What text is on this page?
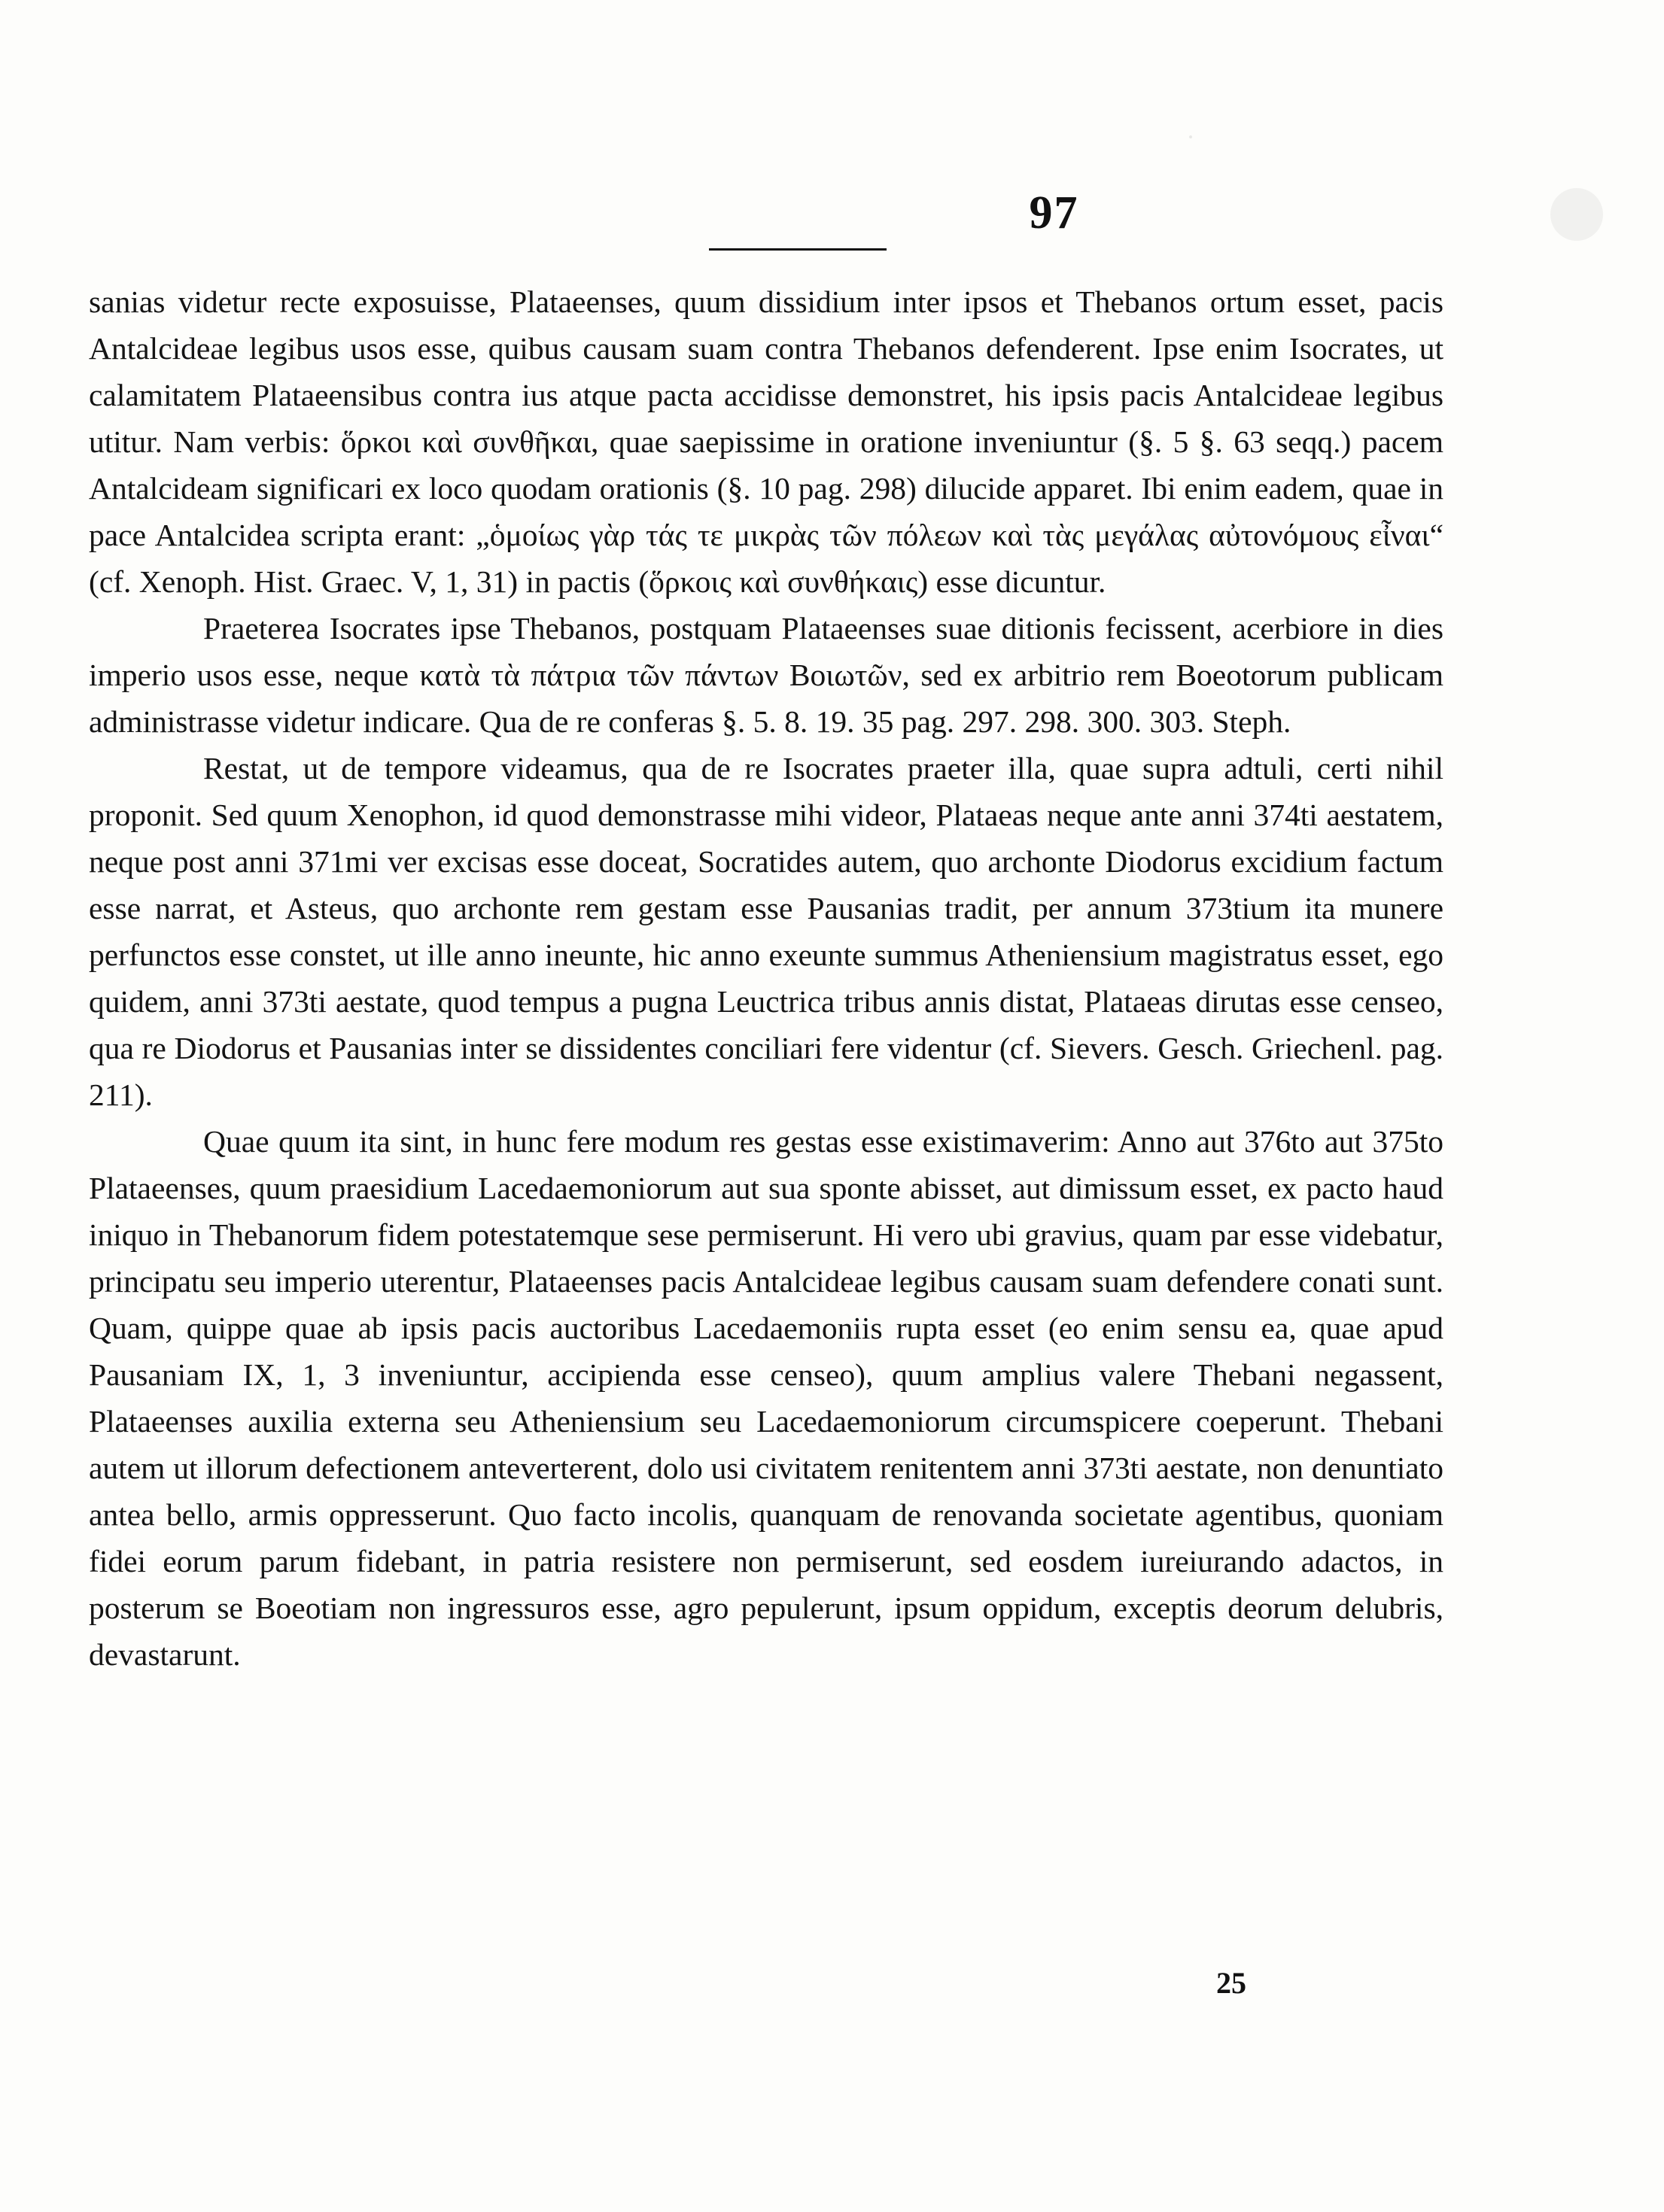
97

sanias videtur recte exposuisse, Plataeenses, quum dissidium inter ipsos et Thebanos ortum esset, pacis Antalcideae legibus usos esse, quibus causam suam contra Thebanos defenderent. Ipse enim Isocrates, ut calamitatem Plataeensibus contra ius atque pacta accidisse demonstret, his ipsis pacis Antalcideae legibus utitur. Nam verbis: ὅρκοι καὶ συνθῆκαι, quae saepissime in oratione inveniuntur (§. 5 §. 63 seqq.) pacem Antalcideam significari ex loco quodam orationis (§. 10 pag. 298) dilucide apparet. Ibi enim eadem, quae in pace Antalcidea scripta erant: „ὁμοίως γὰρ τάς τε μικρὰς τῶν πόλεων καὶ τὰς μεγάλας αὐτονόμους εἶναι“ (cf. Xenoph. Hist. Graec. V, 1, 31) in pactis (ὅρκοις καὶ συνθήκαις) esse dicuntur.

Praeterea Isocrates ipse Thebanos, postquam Plataeenses suae ditionis fecissent, acerbiore in dies imperio usos esse, neque κατὰ τὰ πάτρια τῶν πάντων Βοιωτῶν, sed ex arbitrio rem Boeotorum publicam administrasse videtur indicare. Qua de re conferas §. 5. 8. 19. 35 pag. 297. 298. 300. 303. Steph.

Restat, ut de tempore videamus, qua de re Isocrates praeter illa, quae supra adtuli, certi nihil proponit. Sed quum Xenophon, id quod demonstrasse mihi videor, Plataeas neque ante anni 374ti aestatem, neque post anni 371mi ver excisas esse doceat, Socratides autem, quo archonte Diodorus excidium factum esse narrat, et Asteus, quo archonte rem gestam esse Pausanias tradit, per annum 373tium ita munere perfunctos esse constet, ut ille anno ineunte, hic anno exeunte summus Atheniensium magistratus esset, ego quidem, anni 373ti aestate, quod tempus a pugna Leuctrica tribus annis distat, Plataeas dirutas esse censeo, qua re Diodorus et Pausanias inter se dissidentes conciliari fere videntur (cf. Sievers. Gesch. Griechenl. pag. 211).

Quae quum ita sint, in hunc fere modum res gestas esse existimaverim: Anno aut 376to aut 375to Plataeenses, quum praesidium Lacedaemoniorum aut sua sponte abisset, aut dimissum esset, ex pacto haud iniquo in Thebanorum fidem potestatemque sese permiserunt. Hi vero ubi gravius, quam par esse videbatur, principatu seu imperio uterentur, Plataeenses pacis Antalcideae legibus causam suam defendere conati sunt. Quam, quippe quae ab ipsis pacis auctoribus Lacedaemoniis rupta esset (eo enim sensu ea, quae apud Pausaniam IX, 1, 3 inveniuntur, accipienda esse censeo), quum amplius valere Thebani negassent, Plataeenses auxilia externa seu Atheniensium seu Lacedaemoniorum circumspicere coeperunt. Thebani autem ut illorum defectionem anteverterent, dolo usi civitatem renitentem anni 373ti aestate, non denuntiato antea bello, armis oppresserunt. Quo facto incolis, quanquam de renovanda societate agentibus, quoniam fidei eorum parum fidebant, in patria resistere non permiserunt, sed eosdem iureiurando adactos, in posterum se Boeotiam non ingressuros esse, agro pepulerunt, ipsum oppidum, exceptis deorum delubris, devastarunt.

25
